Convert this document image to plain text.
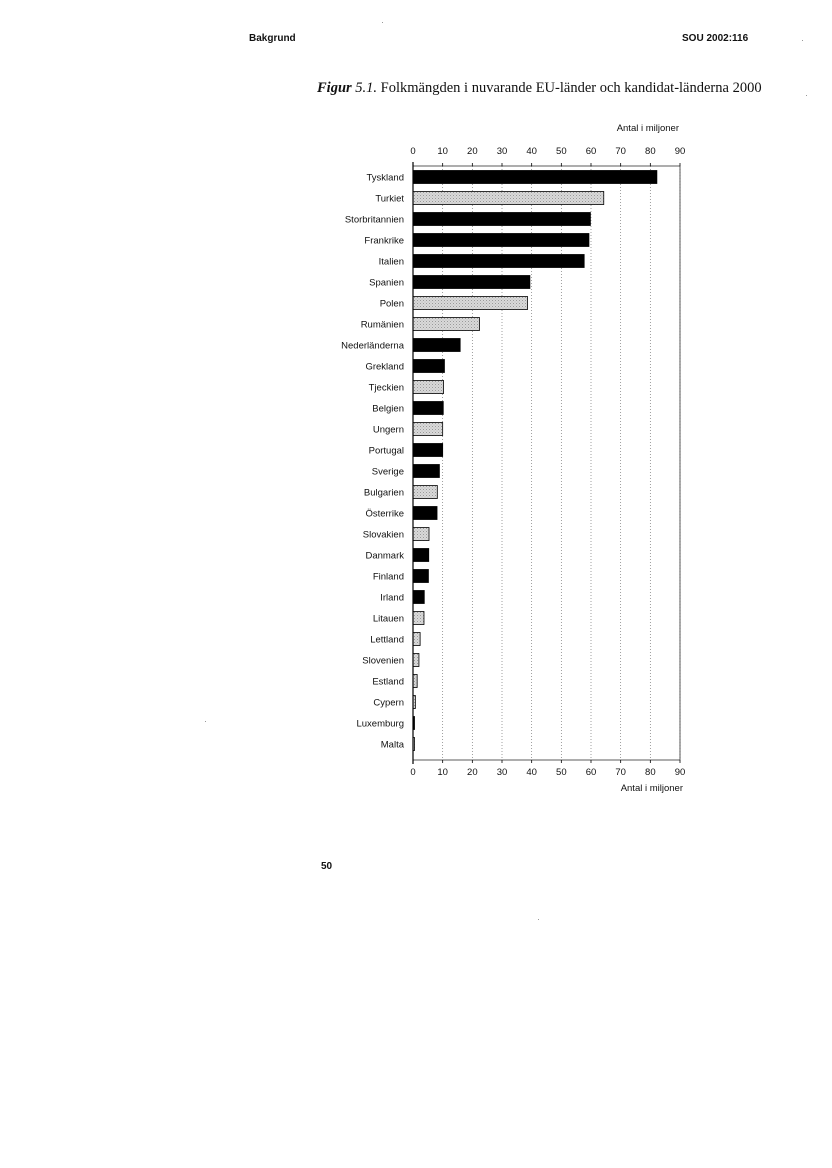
Bakgrund	SOU 2002:116
Figur 5.1. Folkmängden i nuvarande EU-länder och kandidat-länderna 2000
Tyskland
Turkiet
Storbritannien
Frankrike
Italien
Spanien
Polen
Rumänien
Nederländerna
Grekland
Tjeckien
Belgien
Ungern
Portugal
Sverige
Bulgarien
Österrike
Slovakien
Danmark
Finland
Irland
Litauen
Lettland
Slovenien
Estland
Cypern
Luxemburg
Malta
0
0
10
10
20
20
30
30
40
40
50
50
60
60
70
70
80
80
90
90
Antal i miljoner
Antal i miljoner
50
